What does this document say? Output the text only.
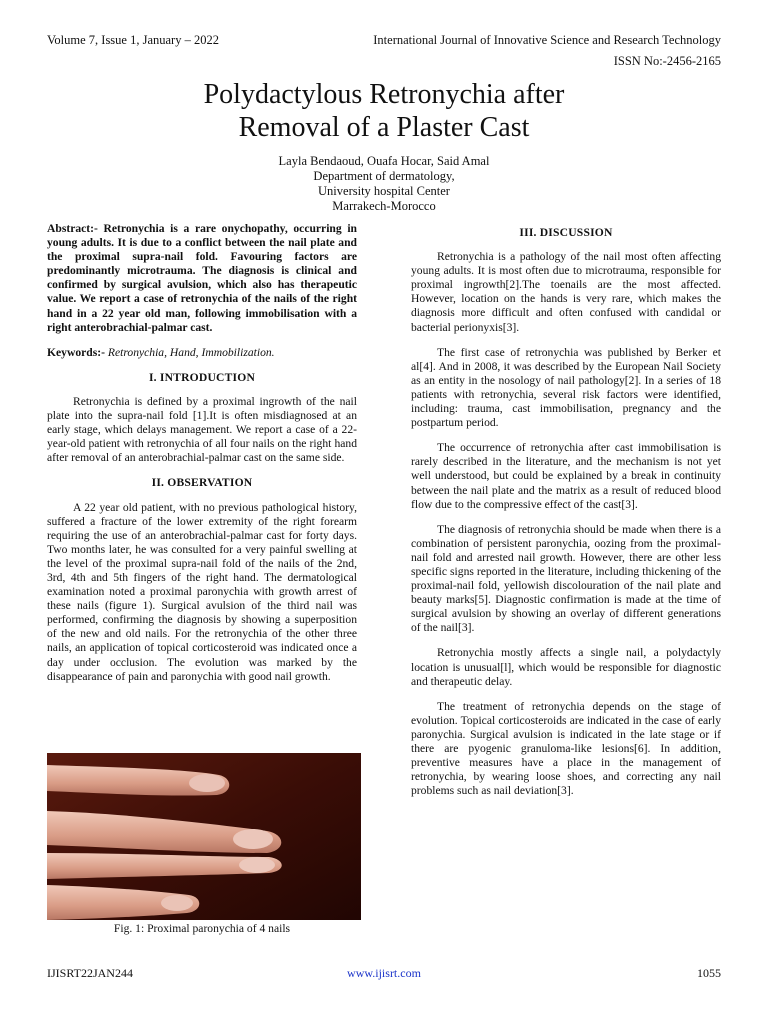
Volume 7, Issue 1, January – 2022	International Journal of Innovative Science and Research Technology
ISSN No:-2456-2165
Polydactylous Retronychia after
Removal of a Plaster Cast
Layla Bendaoud, Ouafa Hocar, Said Amal
Department of dermatology,
University hospital Center
Marrakech-Morocco

Abstract:- Retronychia is a rare onychopathy, occurring in young adults. It is due to a conflict between the nail plate and the proximal supra-nail fold. Favouring factors are predominantly microtrauma. The diagnosis is clinical and confirmed by surgical avulsion, which also has therapeutic value. We report a case of retronychia of the nails of the right hand in a 22 year old man, following immobilisation with a right anterobrachial-palmar cast.

Keywords:- Retronychia, Hand, Immobilization.

I. INTRODUCTION

Retronychia is defined by a proximal ingrowth of the nail plate into the supra-nail fold [1].It is often misdiagnosed at an early stage, which delays management. We report a case of a 22-year-old patient with retronychia of all four nails on the right hand after removal of an anterobrachial-palmar cast on the same side.

II. OBSERVATION

A 22 year old patient, with no previous pathological history, suffered a fracture of the lower extremity of the right forearm requiring the use of an anterobrachial-palmar cast for forty days. Two months later, he was consulted for a very painful swelling at the level of the proximal supra-nail fold of the nails of the 2nd, 3rd, 4th and 5th fingers of the right hand. The dermatological examination noted a proximal paronychia with growth arrest of these nails (figure 1). Surgical avulsion of the third nail was performed, confirming the diagnosis by showing a superposition of the new and old nails. For the retronychia of the other three nails, an application of topical corticosteroid was indicated once a day under occlusion. The evolution was marked by the disappearance of pain and paronychia with good nail growth.

Fig. 1: Proximal paronychia of 4 nails
III. DISCUSSION

Retronychia is a pathology of the nail most often affecting young adults. It is most often due to microtrauma, responsible for proximal ingrowth[2].The toenails are the most affected. However, location on the hands is very rare, which makes the diagnosis more difficult and often confused with candidal or bacterial perionyxis[3].

The first case of retronychia was published by Berker et al[4]. And in 2008, it was described by the European Nail Society as an entity in the nosology of nail pathology[2]. In a series of 18 patients with retronychia, several risk factors were identified, including: trauma, cast immobilisation, pregnancy and the postpartum period.

The occurrence of retronychia after cast immobilisation is rarely described in the literature, and the mechanism is not yet well understood, but could be explained by a break in continuity between the nail plate and the matrix as a result of reduced blood flow due to the compressive effect of the cast[3].

The diagnosis of retronychia should be made when there is a combination of persistent paronychia, oozing from the proximal-nail fold and arrested nail growth. However, there are other less specific signs reported in the literature, including thickening of the proximal-nail fold, yellowish discolouration of the nail plate and beauty marks[5]. Diagnostic confirmation is made at the time of surgical avulsion by showing an overlay of different generations of the nail[3].

Retronychia mostly affects a single nail, a polydactyly location is unusual[l], which would be responsible for diagnostic and therapeutic delay.

The treatment of retronychia depends on the stage of evolution. Topical corticosteroids are indicated in the case of early paronychia. Surgical avulsion is indicated in the late stage or if there are pyogenic granuloma-like lesions[6]. In addition, preventive measures have a place in the management of retronychia, by wearing loose shoes, and correcting any nail problems such as nail deviation[3].

IJISRT22JAN244	www.ijisrt.com	1055
